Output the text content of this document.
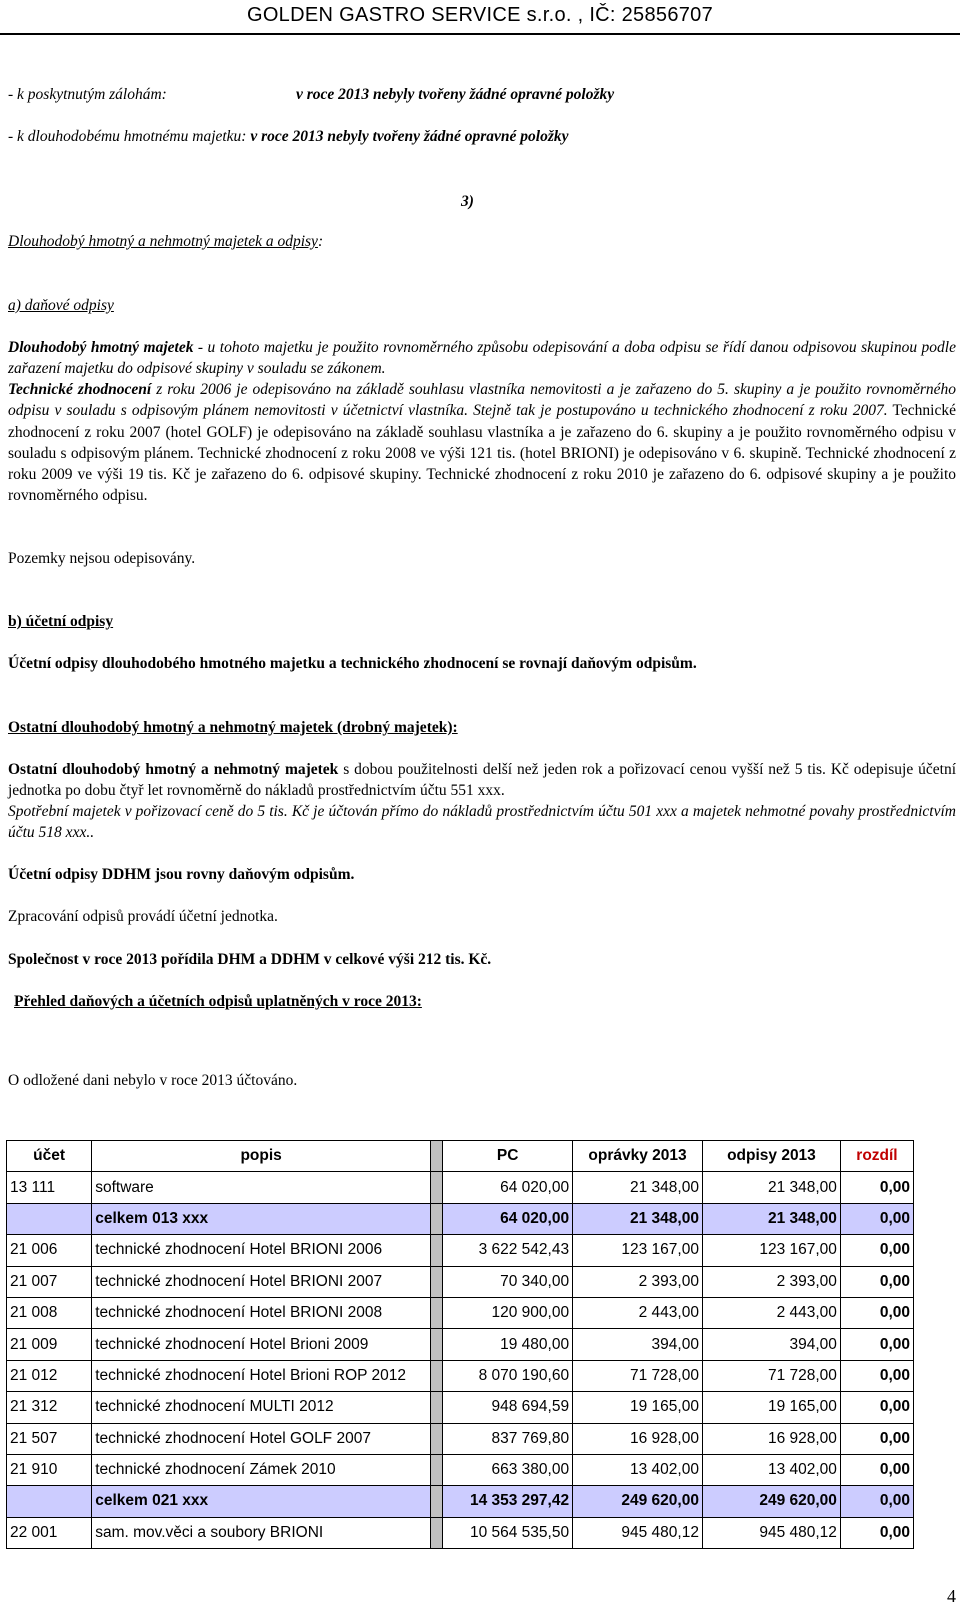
GOLDEN GASTRO SERVICE s.r.o. , IČ: 25856707
- k poskytnutým zálohám:	v roce 2013 nebyly tvořeny žádné opravné položky
- k dlouhodobému hmotnému majetku: v roce 2013 nebyly tvořeny žádné opravné položky
3)
Dlouhodobý hmotný a nehmotný majetek a odpisy:
a) daňové odpisy
Dlouhodobý hmotný majetek - u tohoto majetku je použito rovnoměrného způsobu odepisování a doba odpisu se řídí danou odpisovou skupinou podle zařazení majetku do odpisové skupiny v souladu se zákonem.
Technické zhodnocení z roku 2006 je odepisováno na základě souhlasu vlastníka nemovitosti a je zařazeno do 5. skupiny a je použito rovnoměrného odpisu v souladu s odpisovým plánem nemovitosti v účetnictví vlastníka. Stejně tak je postupováno u technického zhodnocení z roku 2007. Technické zhodnocení z roku 2007 (hotel GOLF) je odepisováno na základě souhlasu vlastníka a je zařazeno do 6. skupiny a je použito rovnoměrného odpisu v souladu s odpisovým plánem. Technické zhodnocení z roku 2008 ve výši 121 tis. (hotel BRIONI) je odepisováno v 6. skupině. Technické zhodnocení z roku 2009 ve výši 19 tis. Kč je zařazeno do 6. odpisové skupiny. Technické zhodnocení z roku 2010 je zařazeno do 6. odpisové skupiny a je použito rovnoměrného odpisu.
Pozemky nejsou odepisovány.
b) účetní odpisy
Účetní odpisy dlouhodobého hmotného majetku a technického zhodnocení se rovnají daňovým odpisům.
Ostatní dlouhodobý hmotný a nehmotný majetek (drobný majetek):
Ostatní dlouhodobý hmotný a nehmotný majetek s dobou použitelnosti delší než jeden rok a pořizovací cenou vyšší než 5 tis. Kč odepisuje účetní jednotka po dobu čtyř let rovnoměrně do nákladů prostřednictvím účtu 551 xxx.
Spotřební majetek v pořizovací ceně do 5 tis. Kč je účtován přímo do nákladů prostřednictvím účtu 501 xxx a majetek nehmotné povahy prostřednictvím účtu 518 xxx..
Účetní odpisy DDHM jsou rovny daňovým odpisům.
Zpracování odpisů provádí účetní jednotka.
Společnost v roce 2013 pořídila DHM a DDHM v celkové výši 212 tis. Kč.
Přehled daňových a účetních odpisů uplatněných v roce 2013:
O odložené dani nebylo v roce 2013 účtováno.
účet	popis		PC	oprávky 2013	odpisy 2013	rozdíl
13 111	software		64 020,00	21 348,00	21 348,00	0,00
	celkem 013 xxx		64 020,00	21 348,00	21 348,00	0,00
21 006	technické zhodnocení Hotel BRIONI 2006		3 622 542,43	123 167,00	123 167,00	0,00
21 007	technické zhodnocení Hotel BRIONI 2007		70 340,00	2 393,00	2 393,00	0,00
21 008	technické zhodnocení Hotel BRIONI 2008		120 900,00	2 443,00	2 443,00	0,00
21 009	technické zhodnocení Hotel Brioni 2009		19 480,00	394,00	394,00	0,00
21 012	technické zhodnocení Hotel Brioni ROP 2012		8 070 190,60	71 728,00	71 728,00	0,00
21 312	technické zhodnocení MULTI 2012		948 694,59	19 165,00	19 165,00	0,00
21 507	technické zhodnocení Hotel GOLF 2007		837 769,80	16 928,00	16 928,00	0,00
21 910	technické zhodnocení Zámek 2010		663 380,00	13 402,00	13 402,00	0,00
	celkem 021 xxx		14 353 297,42	249 620,00	249 620,00	0,00
22 001	sam. mov.věci a soubory BRIONI		10 564 535,50	945 480,12	945 480,12	0,00
4
